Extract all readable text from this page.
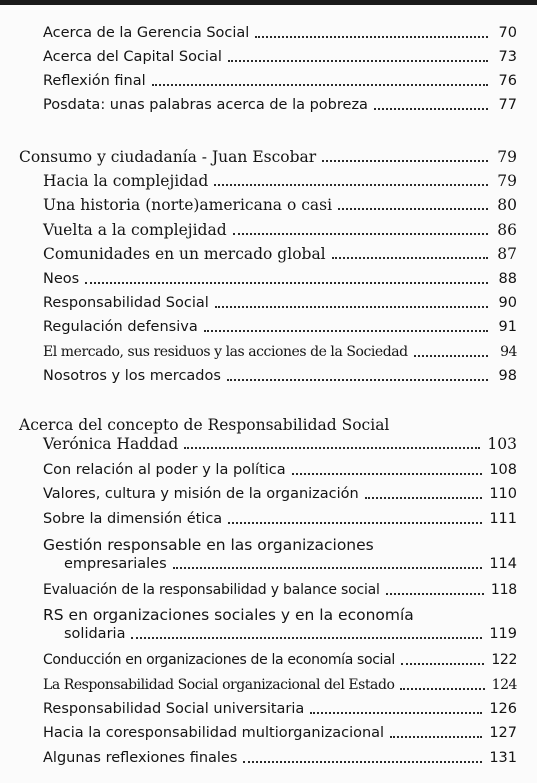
Acerca de la Gerencia Social	70
Acerca del Capital Social	73
Reflexión final	76
Posdata: unas palabras acerca de la pobreza	77
Consumo y ciudadanía - Juan Escobar	79
Hacia la complejidad	79
Una historia (norte)americana o casi	80
Vuelta a la complejidad	86
Comunidades en un mercado global	87
Neos	88
Responsabilidad Social	90
Regulación defensiva	91
El mercado, sus residuos y las acciones de la Sociedad	94
Nosotros y los mercados	98
Acerca del concepto de Responsabilidad Social
Verónica Haddad	103
Con relación al poder y la política	108
Valores, cultura y misión de la organización	110
Sobre la dimensión ética	111
Gestión responsable en las organizaciones
empresariales	114
Evaluación de la responsabilidad y balance social	118
RS en organizaciones sociales y en la economía
solidaria	119
Conducción en organizaciones de la economía social	122
La Responsabilidad Social organizacional del Estado	124
Responsabilidad Social universitaria	126
Hacia la coresponsabilidad multiorganizacional	127
Algunas reflexiones finales	131
